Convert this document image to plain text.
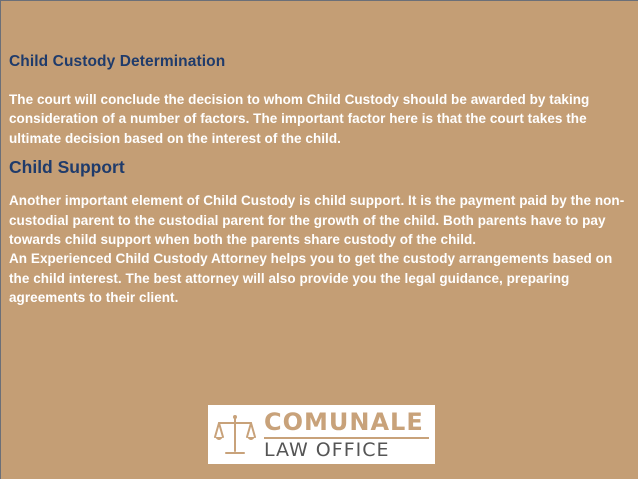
Child Custody Determination

The court will conclude the decision to whom Child Custody should be awarded by taking consideration of a number of factors. The important factor here is that the court takes the ultimate decision based on the interest of the child.

Child Support

Another important element of Child Custody is child support. It is the payment paid by the non-custodial parent to the custodial parent for the growth of the child. Both parents have to pay towards child support when both the parents share custody of the child.

An Experienced Child Custody Attorney helps you to get the custody arrangements based on the child interest. The best attorney will also provide you the legal guidance, preparing agreements to their client.

COMUNALE
LAW OFFICE
